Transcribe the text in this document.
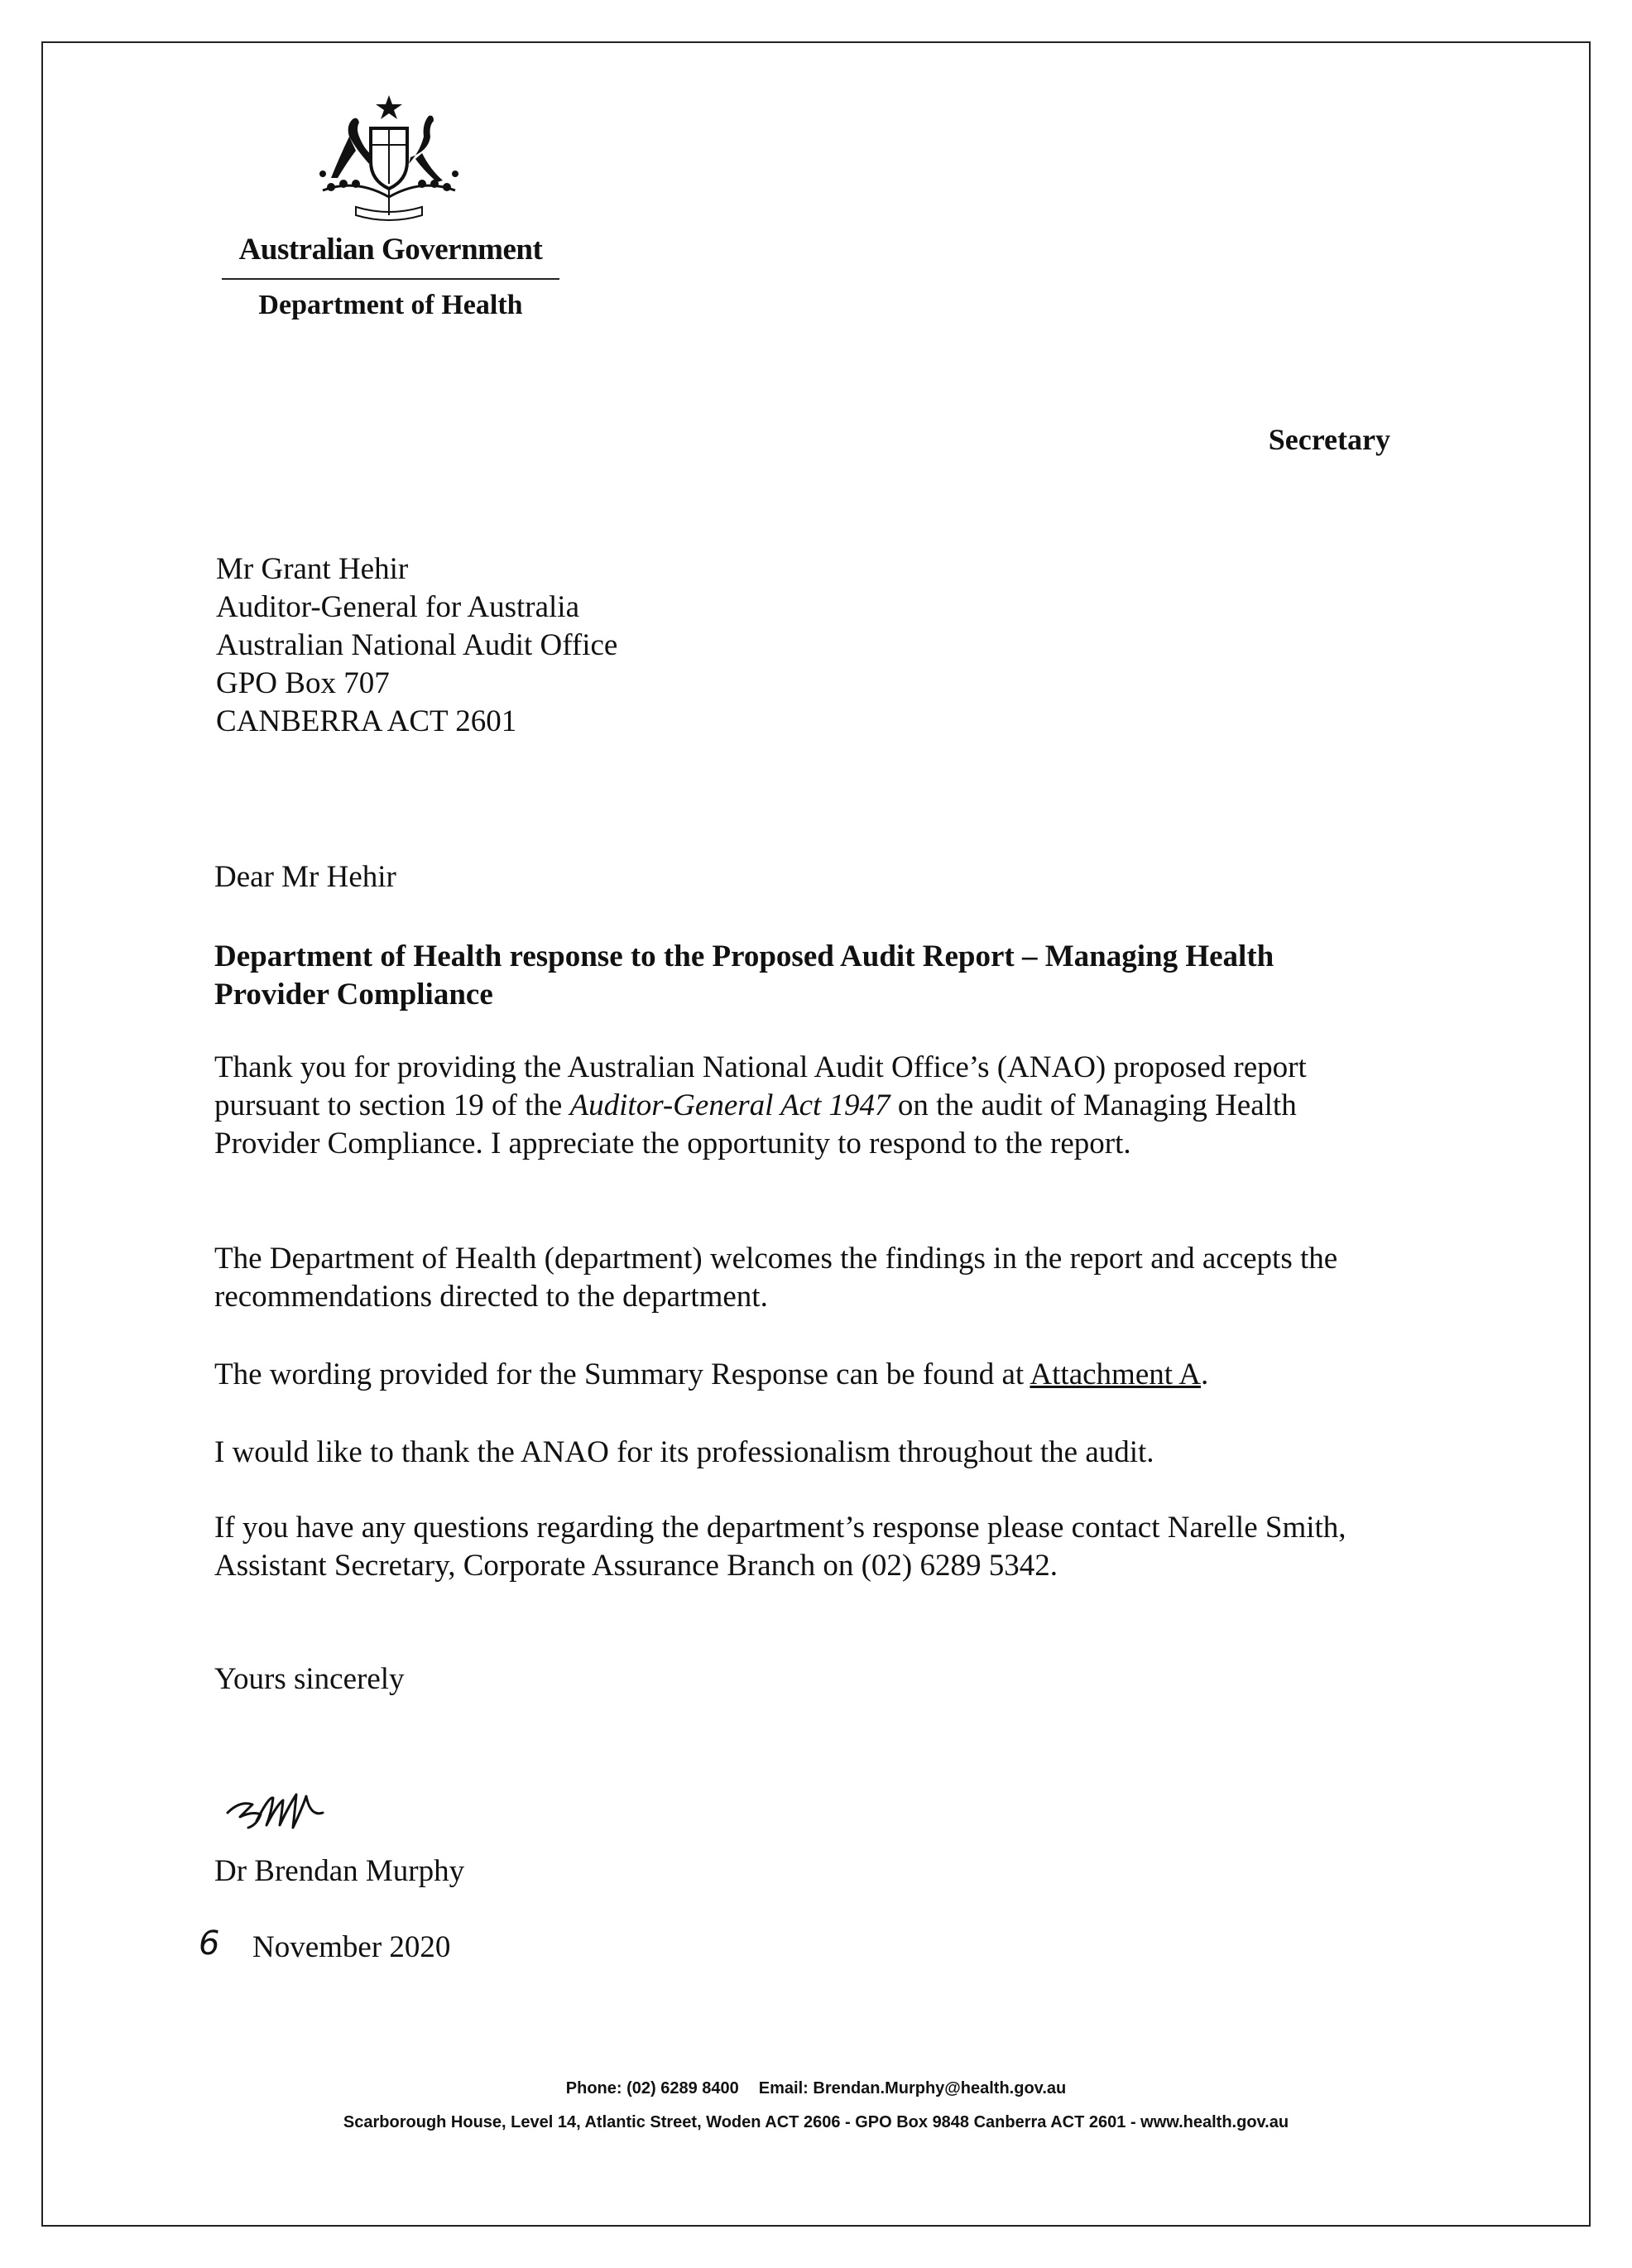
Australian Government
Department of Health
Secretary
Mr Grant Hehir
Auditor-General for Australia
Australian National Audit Office
GPO Box 707
CANBERRA ACT 2601
Dear Mr Hehir
Department of Health response to the Proposed Audit Report – Managing Health Provider Compliance

Thank you for providing the Australian National Audit Office’s (ANAO) proposed report pursuant to section 19 of the Auditor-General Act 1947 on the audit of Managing Health Provider Compliance. I appreciate the opportunity to respond to the report.

The Department of Health (department) welcomes the findings in the report and accepts the recommendations directed to the department.

The wording provided for the Summary Response can be found at Attachment A.

I would like to thank the ANAO for its professionalism throughout the audit.

If you have any questions regarding the department’s response please contact Narelle Smith, Assistant Secretary, Corporate Assurance Branch on (02) 6289 5342.

Yours sincerely
Dr Brendan Murphy
6 November 2020
Phone: (02) 6289 8400 Email: Brendan.Murphy@health.gov.au
Scarborough House, Level 14, Atlantic Street, Woden ACT 2606 - GPO Box 9848 Canberra ACT 2601 - www.health.gov.au
